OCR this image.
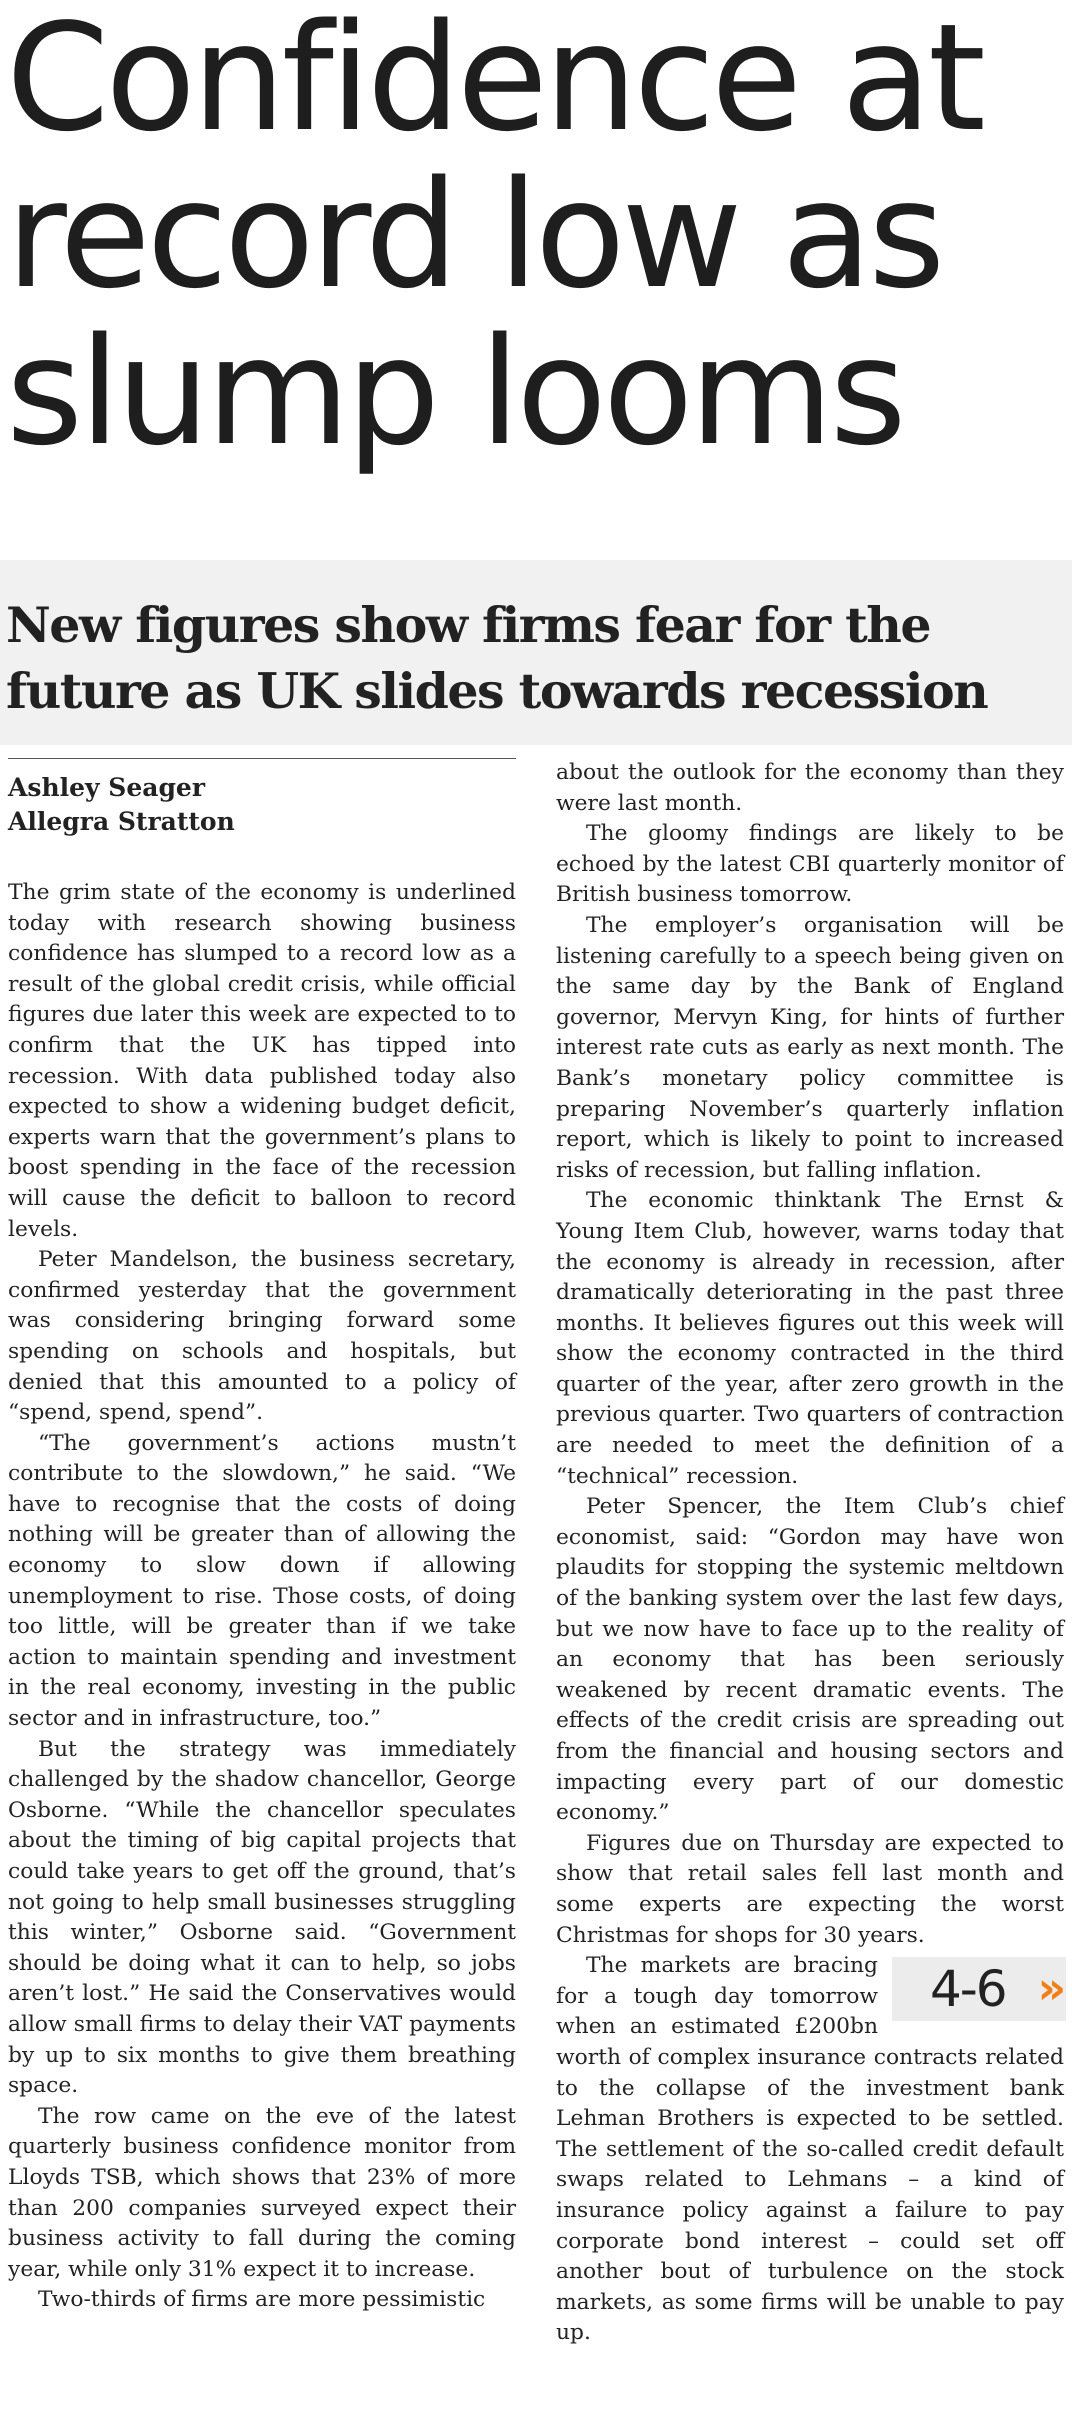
Confidence at record low as slump looms
New figures show firms fear for the future as UK slides towards recession
Ashley Seager
Allegra Stratton

The grim state of the economy is underlined today with research showing business confidence has slumped to a record low as a result of the global credit crisis, while official figures due later this week are expected to to confirm that the UK has tipped into recession. With data published today also expected to show a widening budget deficit, experts warn that the government’s plans to boost spending in the face of the recession will cause the deficit to balloon to record levels.

Peter Mandelson, the business secretary, confirmed yesterday that the government was considering bringing forward some spending on schools and hospitals, but denied that this amounted to a policy of “spend, spend, spend”.

“The government’s actions mustn’t contribute to the slowdown,” he said. “We have to recognise that the costs of doing nothing will be greater than of allowing the economy to slow down if allowing unemployment to rise. Those costs, of doing too little, will be greater than if we take action to maintain spending and investment in the real economy, investing in the public sector and in infrastructure, too.”

But the strategy was immediately challenged by the shadow chancellor, George Osborne. “While the chancellor speculates about the timing of big capital projects that could take years to get off the ground, that’s not going to help small businesses struggling this winter,” Osborne said. “Government should be doing what it can to help, so jobs aren’t lost.” He said the Conservatives would allow small firms to delay their VAT payments by up to six months to give them breathing space.

The row came on the eve of the latest quarterly business confidence monitor from Lloyds TSB, which shows that 23% of more than 200 companies surveyed expect their business activity to fall during the coming year, while only 31% expect it to increase.

Two-thirds of firms are more pessimistic

about the outlook for the economy than they were last month.

The gloomy findings are likely to be echoed by the latest CBI quarterly monitor of British business tomorrow.

The employer’s organisation will be listening carefully to a speech being given on the same day by the Bank of England governor, Mervyn King, for hints of further interest rate cuts as early as next month. The Bank’s monetary policy committee is preparing November’s quarterly inflation report, which is likely to point to increased risks of recession, but falling inflation.

The economic thinktank The Ernst & Young Item Club, however, warns today that the economy is already in recession, after dramatically deteriorating in the past three months. It believes figures out this week will show the economy contracted in the third quarter of the year, after zero growth in the previous quarter. Two quarters of contraction are needed to meet the definition of a “technical” recession.

Peter Spencer, the Item Club’s chief economist, said: “Gordon may have won plaudits for stopping the systemic meltdown of the banking system over the last few days, but we now have to face up to the reality of an economy that has been seriously weakened by recent dramatic events. The effects of the credit crisis are spreading out from the financial and housing sectors and impacting every part of our domestic economy.”

Figures due on Thursday are expected to show that retail sales fell last month and some experts are expecting the worst Christmas for shops for 30 years.

4-6 »
The markets are bracing for a tough day tomorrow when an estimated £200bn worth of complex insurance contracts related to the collapse of the investment bank Lehman Brothers is expected to be settled. The settlement of the so-called credit default swaps related to Lehmans – a kind of insurance policy against a failure to pay corporate bond interest – could set off another bout of turbulence on the stock markets, as some firms will be unable to pay up.
